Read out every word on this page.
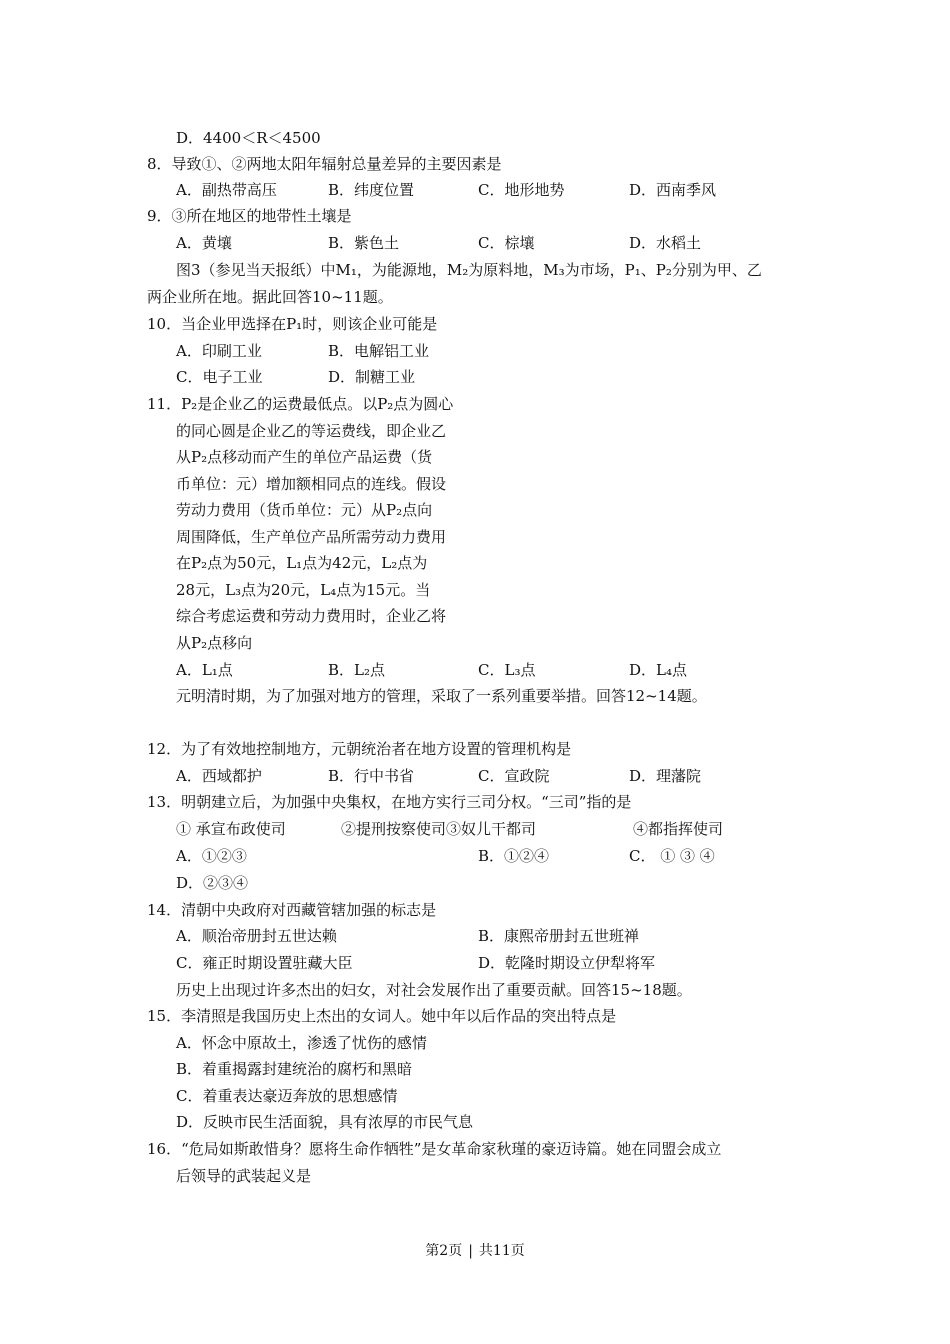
D．4400＜R＜4500
8．导致①、②两地太阳年辐射总量差异的主要因素是
A．副热带高压	B．纬度位置	C．地形地势	D．西南季风
9．③所在地区的地带性土壤是
A．黄壤	B．紫色土	C．棕壤	D．水稻土
图3（参见当天报纸）中M₁，为能源地，M₂为原料地，M₃为市场，P₁、P₂分别为甲、乙
两企业所在地。据此回答10~11题。
10．当企业甲选择在P₁时，则该企业可能是
A．印刷工业	B．电解铝工业
C．电子工业	D．制糖工业
11．P₂是企业乙的运费最低点。以P₂点为圆心
的同心圆是企业乙的等运费线，即企业乙
从P₂点移动而产生的单位产品运费（货
币单位：元）增加额相同点的连线。假设
劳动力费用（货币单位：元）从P₂点向
周围降低，生产单位产品所需劳动力费用
在P₂点为50元，L₁点为42元，L₂点为
28元，L₃点为20元，L₄点为15元。当
综合考虑运费和劳动力费用时，企业乙将
从P₂点移向
A．L₁点	B．L₂点	C．L₃点	D．L₄点
元明清时期，为了加强对地方的管理，采取了一系列重要举措。回答12~14题。
12．为了有效地控制地方，元朝统治者在地方设置的管理机构是
A．西域都护	B．行中书省	C．宣政院	D．理藩院
13．明朝建立后，为加强中央集权，在地方实行三司分权。“三司”指的是
① 承宣布政使司	②提刑按察使司③奴儿干都司	④都指挥使司
A．①②③	B．①②④	C． ① ③ ④
D．②③④
14．清朝中央政府对西藏管辖加强的标志是
A．顺治帝册封五世达赖	B．康熙帝册封五世班禅
C．雍正时期设置驻藏大臣	D．乾隆时期设立伊犁将军
历史上出现过许多杰出的妇女，对社会发展作出了重要贡献。回答15~18题。
15．李清照是我国历史上杰出的女词人。她中年以后作品的突出特点是
A．怀念中原故土，渗透了忧伤的感情
B．着重揭露封建统治的腐朽和黑暗
C．着重表达豪迈奔放的思想感情
D．反映市民生活面貌，具有浓厚的市民气息
16．“危局如斯敢惜身？愿将生命作牺牲”是女革命家秋瑾的豪迈诗篇。她在同盟会成立
后领导的武装起义是
第2页 | 共11页
